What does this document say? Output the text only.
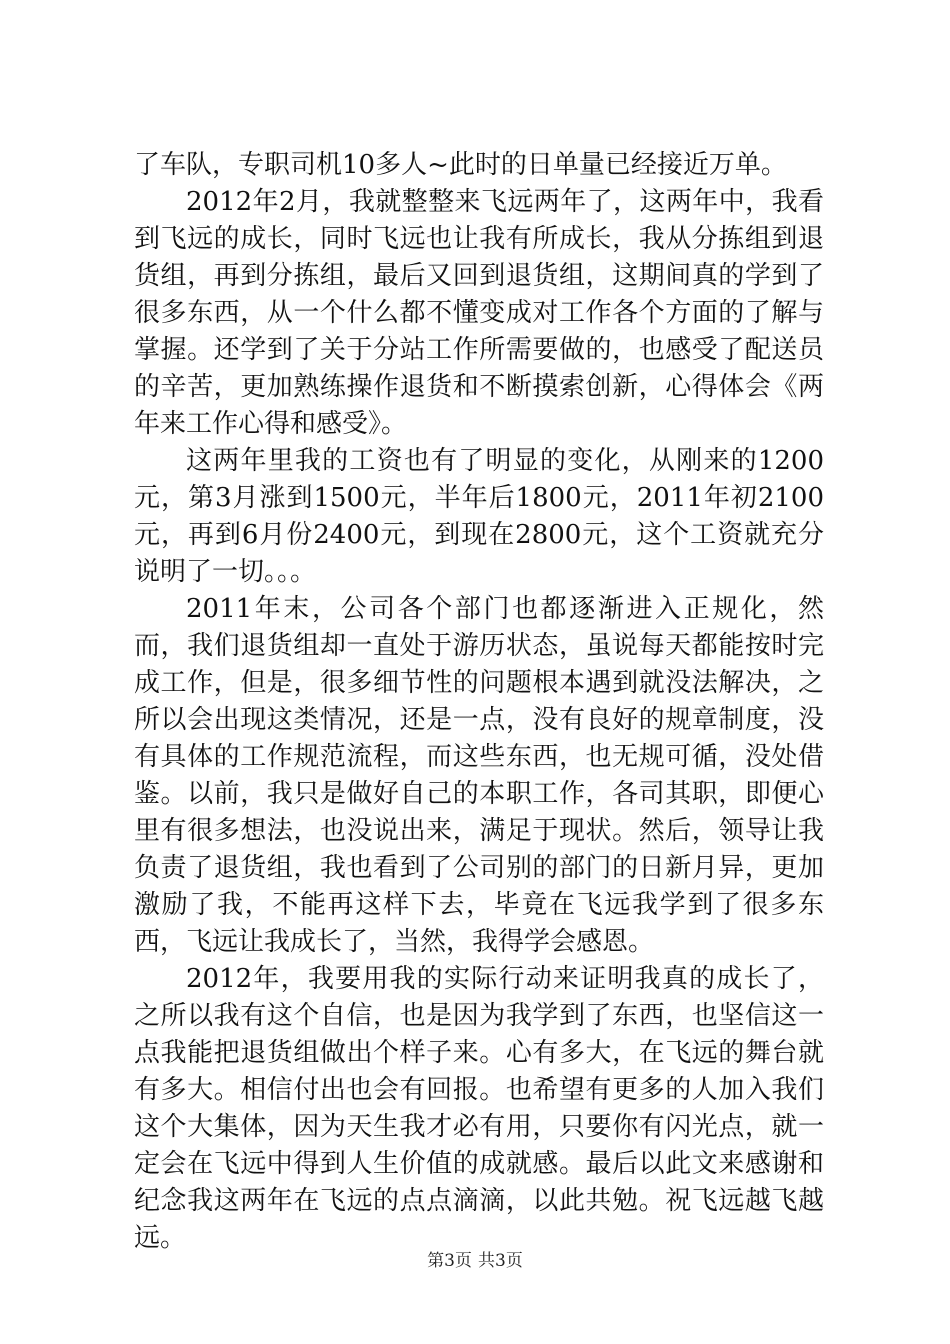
了车队，专职司机10多人~此时的日单量已经接近万单。

2012年2月，我就整整来飞远两年了，这两年中，我看到飞远的成长，同时飞远也让我有所成长，我从分拣组到退货组，再到分拣组，最后又回到退货组，这期间真的学到了很多东西，从一个什么都不懂变成对工作各个方面的了解与掌握。还学到了关于分站工作所需要做的，也感受了配送员的辛苦，更加熟练操作退货和不断摸索创新，心得体会《两年来工作心得和感受》。

这两年里我的工资也有了明显的变化，从刚来的1200元，第3月涨到1500元，半年后1800元，2011年初2100元，再到6月份2400元，到现在2800元，这个工资就充分说明了一切。。。

2011年末，公司各个部门也都逐渐进入正规化，然而，我们退货组却一直处于游历状态，虽说每天都能按时完成工作，但是，很多细节性的问题根本遇到就没法解决，之所以会出现这类情况，还是一点，没有良好的规章制度，没有具体的工作规范流程，而这些东西，也无规可循，没处借鉴。以前，我只是做好自己的本职工作，各司其职，即便心里有很多想法，也没说出来，满足于现状。然后，领导让我负责了退货组，我也看到了公司别的部门的日新月异，更加激励了我，不能再这样下去，毕竟在飞远我学到了很多东西，飞远让我成长了，当然，我得学会感恩。

2012年，我要用我的实际行动来证明我真的成长了，之所以我有这个自信，也是因为我学到了东西，也坚信这一点我能把退货组做出个样子来。心有多大，在飞远的舞台就有多大。相信付出也会有回报。也希望有更多的人加入我们这个大集体，因为天生我才必有用，只要你有闪光点，就一定会在飞远中得到人生价值的成就感。最后以此文来感谢和纪念我这两年在飞远的点点滴滴，以此共勉。祝飞远越飞越远。

第3页 共3页
